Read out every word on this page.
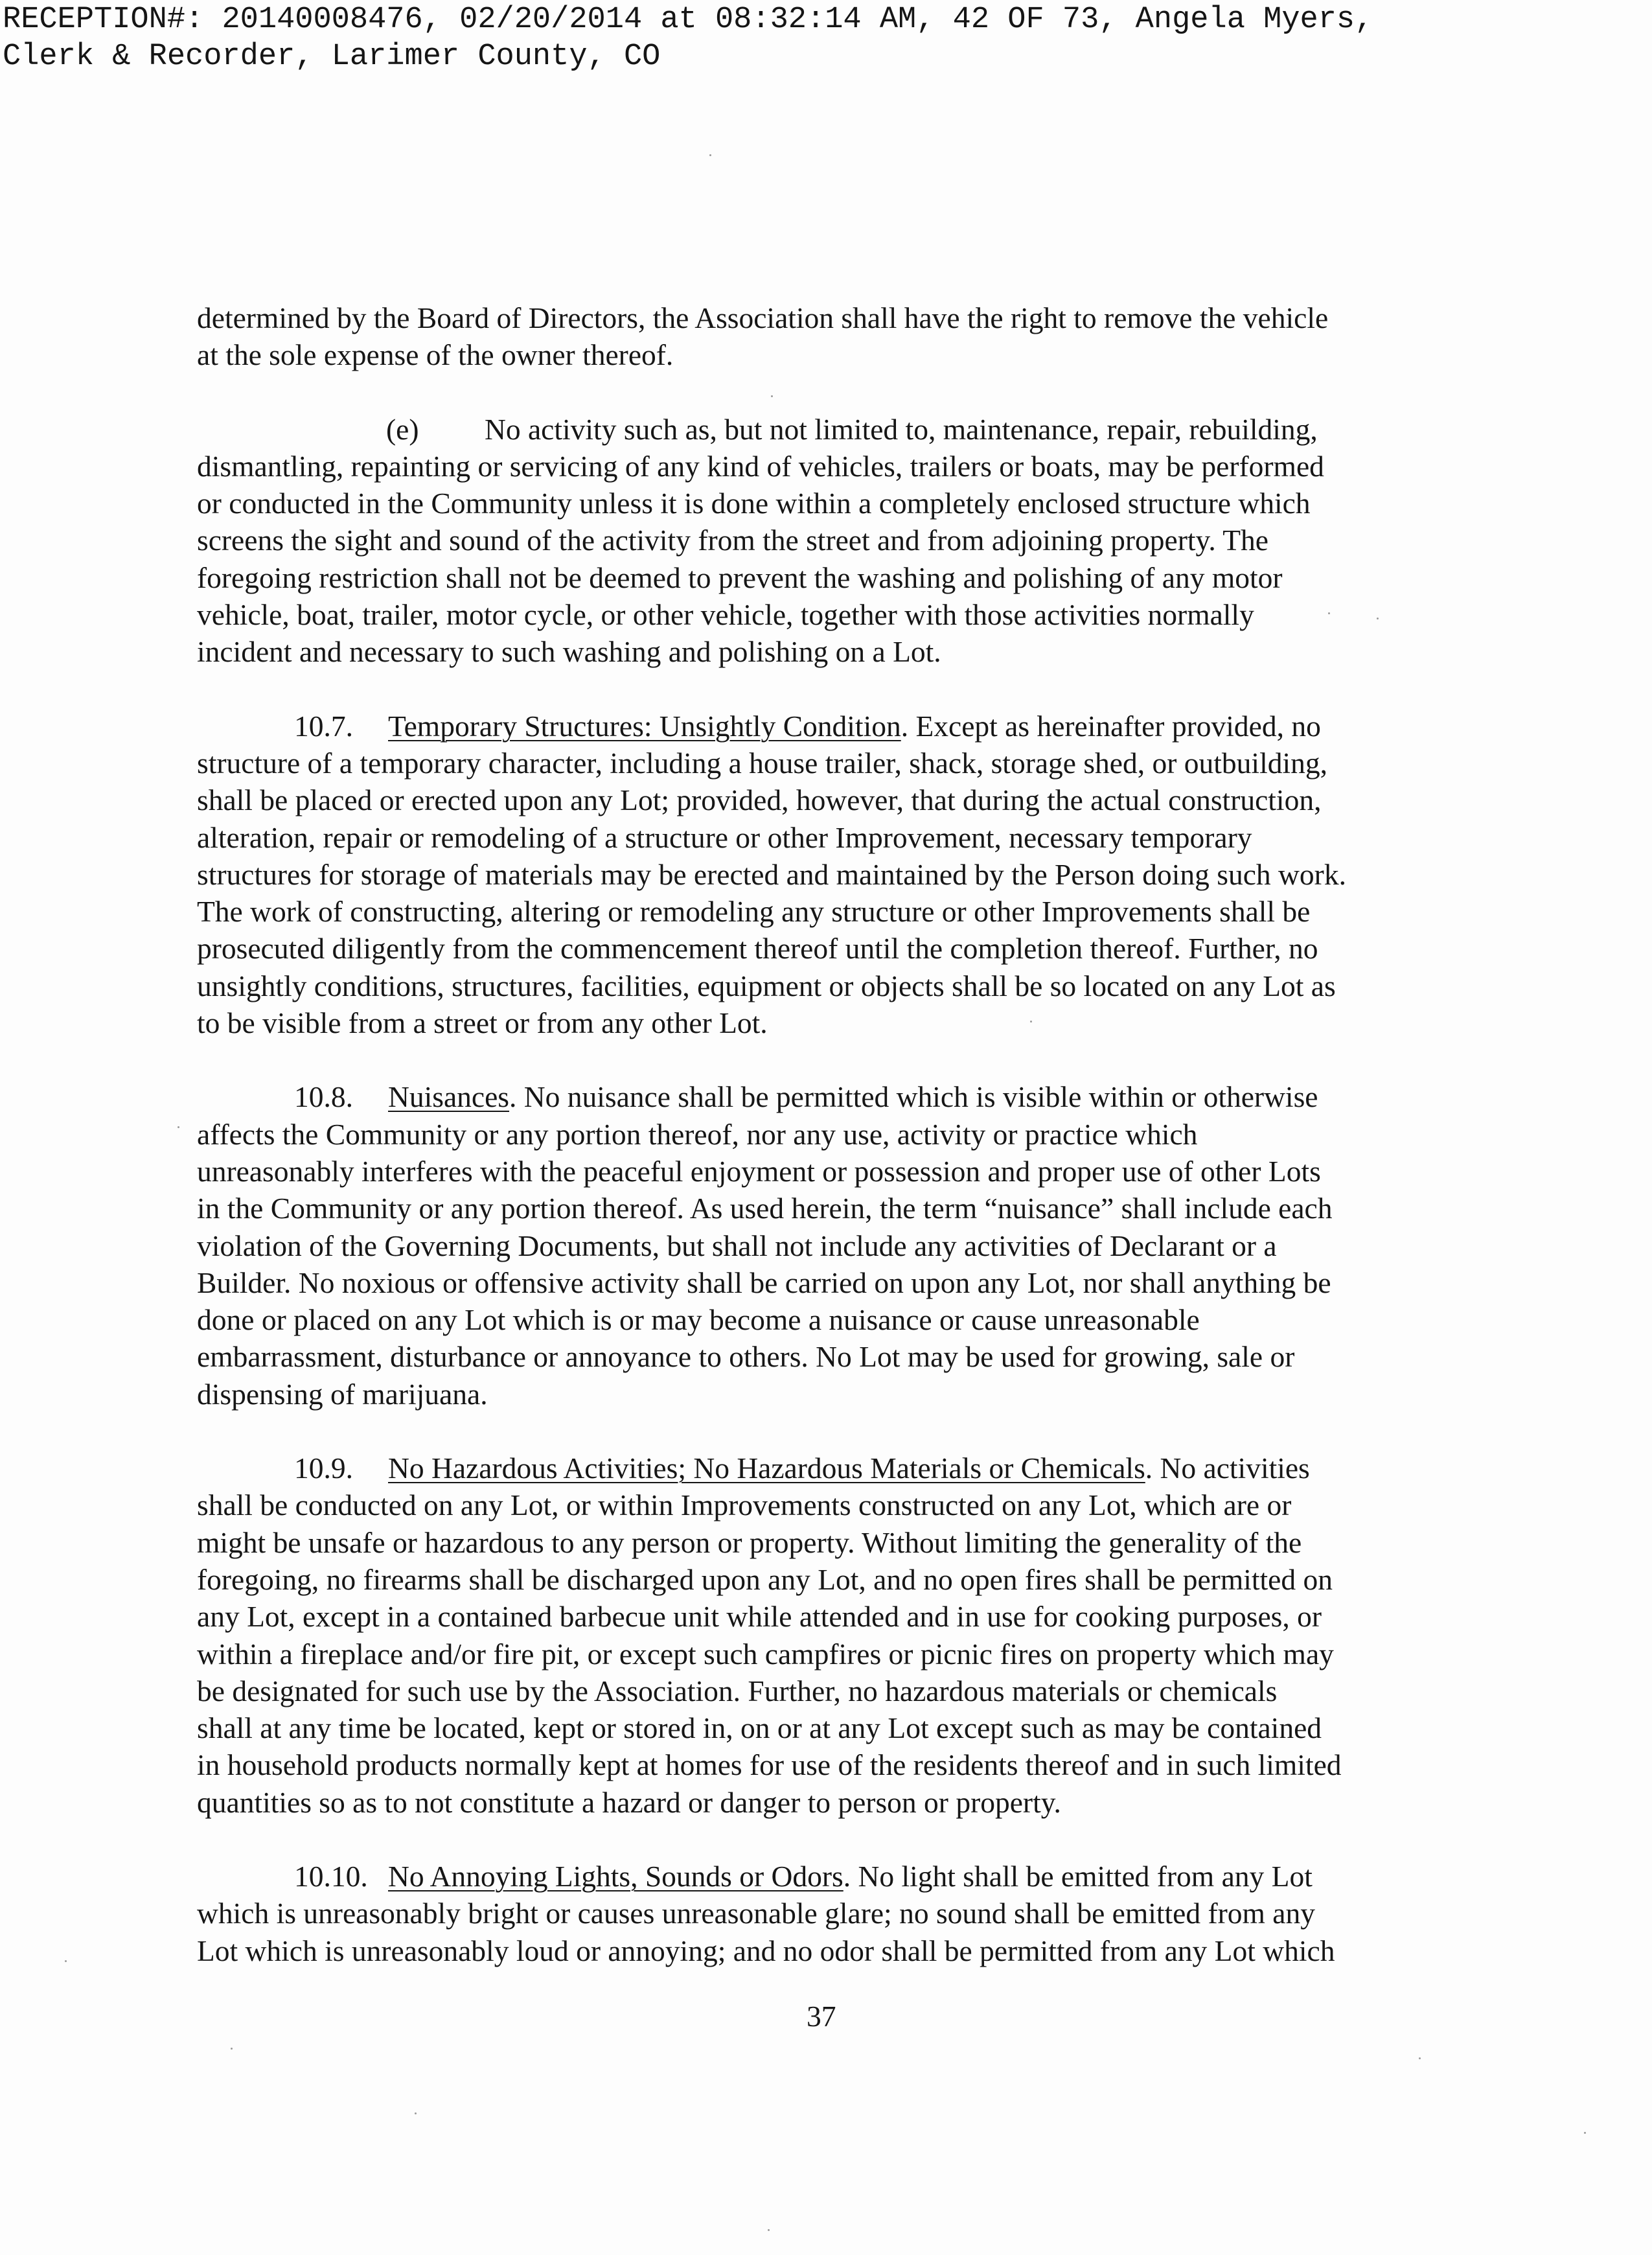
RECEPTION#: 20140008476, 02/20/2014 at 08:32:14 AM, 42 OF 73, Angela Myers,
Clerk & Recorder, Larimer County, CO
determined by the Board of Directors, the Association shall have the right to remove the vehicle
at the sole expense of the owner thereof.
(e) No activity such as, but not limited to, maintenance, repair, rebuilding,
dismantling, repainting or servicing of any kind of vehicles, trailers or boats, may be performed
or conducted in the Community unless it is done within a completely enclosed structure which
screens the sight and sound of the activity from the street and from adjoining property. The
foregoing restriction shall not be deemed to prevent the washing and polishing of any motor
vehicle, boat, trailer, motor cycle, or other vehicle, together with those activities normally
incident and necessary to such washing and polishing on a Lot.
10.7. Temporary Structures: Unsightly Condition. Except as hereinafter provided, no
structure of a temporary character, including a house trailer, shack, storage shed, or outbuilding,
shall be placed or erected upon any Lot; provided, however, that during the actual construction,
alteration, repair or remodeling of a structure or other Improvement, necessary temporary
structures for storage of materials may be erected and maintained by the Person doing such work.
The work of constructing, altering or remodeling any structure or other Improvements shall be
prosecuted diligently from the commencement thereof until the completion thereof. Further, no
unsightly conditions, structures, facilities, equipment or objects shall be so located on any Lot as
to be visible from a street or from any other Lot.
10.8. Nuisances. No nuisance shall be permitted which is visible within or otherwise
affects the Community or any portion thereof, nor any use, activity or practice which
unreasonably interferes with the peaceful enjoyment or possession and proper use of other Lots
in the Community or any portion thereof. As used herein, the term “nuisance” shall include each
violation of the Governing Documents, but shall not include any activities of Declarant or a
Builder. No noxious or offensive activity shall be carried on upon any Lot, nor shall anything be
done or placed on any Lot which is or may become a nuisance or cause unreasonable
embarrassment, disturbance or annoyance to others. No Lot may be used for growing, sale or
dispensing of marijuana.
10.9. No Hazardous Activities; No Hazardous Materials or Chemicals. No activities
shall be conducted on any Lot, or within Improvements constructed on any Lot, which are or
might be unsafe or hazardous to any person or property. Without limiting the generality of the
foregoing, no firearms shall be discharged upon any Lot, and no open fires shall be permitted on
any Lot, except in a contained barbecue unit while attended and in use for cooking purposes, or
within a fireplace and/or fire pit, or except such campfires or picnic fires on property which may
be designated for such use by the Association. Further, no hazardous materials or chemicals
shall at any time be located, kept or stored in, on or at any Lot except such as may be contained
in household products normally kept at homes for use of the residents thereof and in such limited
quantities so as to not constitute a hazard or danger to person or property.
10.10. No Annoying Lights, Sounds or Odors. No light shall be emitted from any Lot
which is unreasonably bright or causes unreasonable glare; no sound shall be emitted from any
Lot which is unreasonably loud or annoying; and no odor shall be permitted from any Lot which
37
